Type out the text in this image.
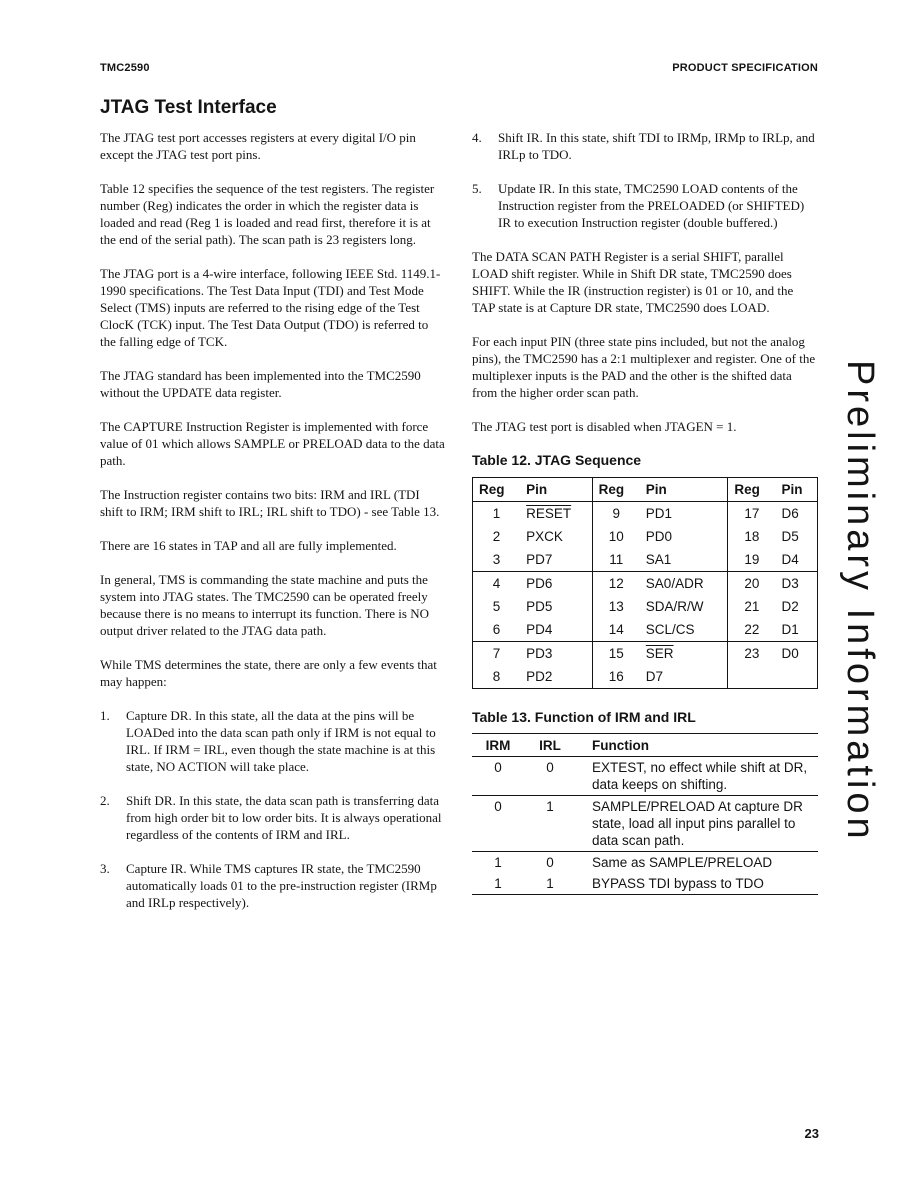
TMC2590	PRODUCT SPECIFICATION
JTAG Test Interface

The JTAG test port accesses registers at every digital I/O pin except the JTAG test port pins.

Table 12 specifies the sequence of the test registers. The register number (Reg) indicates the order in which the register data is loaded and read (Reg 1 is loaded and read first, therefore it is at the end of the serial path). The scan path is 23 registers long.

The JTAG port is a 4-wire interface, following IEEE Std. 1149.1-1990 specifications. The Test Data Input (TDI) and Test Mode Select (TMS) inputs are referred to the rising edge of the Test ClocK (TCK) input. The Test Data Output (TDO) is referred to the falling edge of TCK.

The JTAG standard has been implemented into the TMC2590 without the UPDATE data register.

The CAPTURE Instruction Register is implemented with force value of 01 which allows SAMPLE or PRELOAD data to the data path.

The Instruction register contains two bits: IRM and IRL (TDI shift to IRM; IRM shift to IRL; IRL shift to TDO) - see Table 13.

There are 16 states in TAP and all are fully implemented.

In general, TMS is commanding the state machine and puts the system into JTAG states. The TMC2590 can be operated freely because there is no means to interrupt its function. There is NO output driver related to the JTAG data path.

While TMS determines the state, there are only a few events that may happen:

1.	Capture DR. In this state, all the data at the pins will be LOADed into the data scan path only if IRM is not equal to IRL. If IRM = IRL, even though the state machine is at this state, NO ACTION will take place.
2.	Shift DR. In this state, the data scan path is transferring data from high order bit to low order bits. It is always operational regardless of the contents of IRM and IRL.
3.	Capture IR. While TMS captures IR state, the TMC2590 automatically loads 01 to the pre-instruction register (IRMp and IRLp respectively).
4.	Shift IR. In this state, shift TDI to IRMp, IRMp to IRLp, and IRLp to TDO.
5.	Update IR. In this state, TMC2590 LOAD contents of the Instruction register from the PRELOADED (or SHIFTED) IR to execution Instruction register (double buffered.)

The DATA SCAN PATH Register is a serial SHIFT, parallel LOAD shift register. While in Shift DR state, TMC2590 does SHIFT. While the IR (instruction register) is 01 or 10, and the TAP state is at Capture DR state, TMC2590 does LOAD.

For each input PIN (three state pins included, but not the analog pins), the TMC2590 has a 2:1 multiplexer and register. One of the multiplexer inputs is the PAD and the other is the shifted data from the higher order scan path.

The JTAG test port is disabled when JTAGEN = 1.

Table 12. JTAG Sequence
Reg	Pin	Reg	Pin	Reg	Pin
1	RESET	9	PD1	17	D6
2	PXCK	10	PD0	18	D5
3	PD7	11	SA1	19	D4
4	PD6	12	SA0/ADR	20	D3
5	PD5	13	SDA/R/W	21	D2
6	PD4	14	SCL/CS	22	D1
7	PD3	15	$\overline{SER}$	23	D0
8	PD2	16	D7		
Table 13. Function of IRM and IRL
IRM	IRL	Function
0	0	EXTEST, no effect while shift at DR, data keeps on shifting.
0	1	SAMPLE/PRELOAD At capture DR state, load all input pins parallel to data scan path.
1	0	Same as SAMPLE/PRELOAD
1	1	BYPASS TDI bypass to TDO
Preliminary Information
23
